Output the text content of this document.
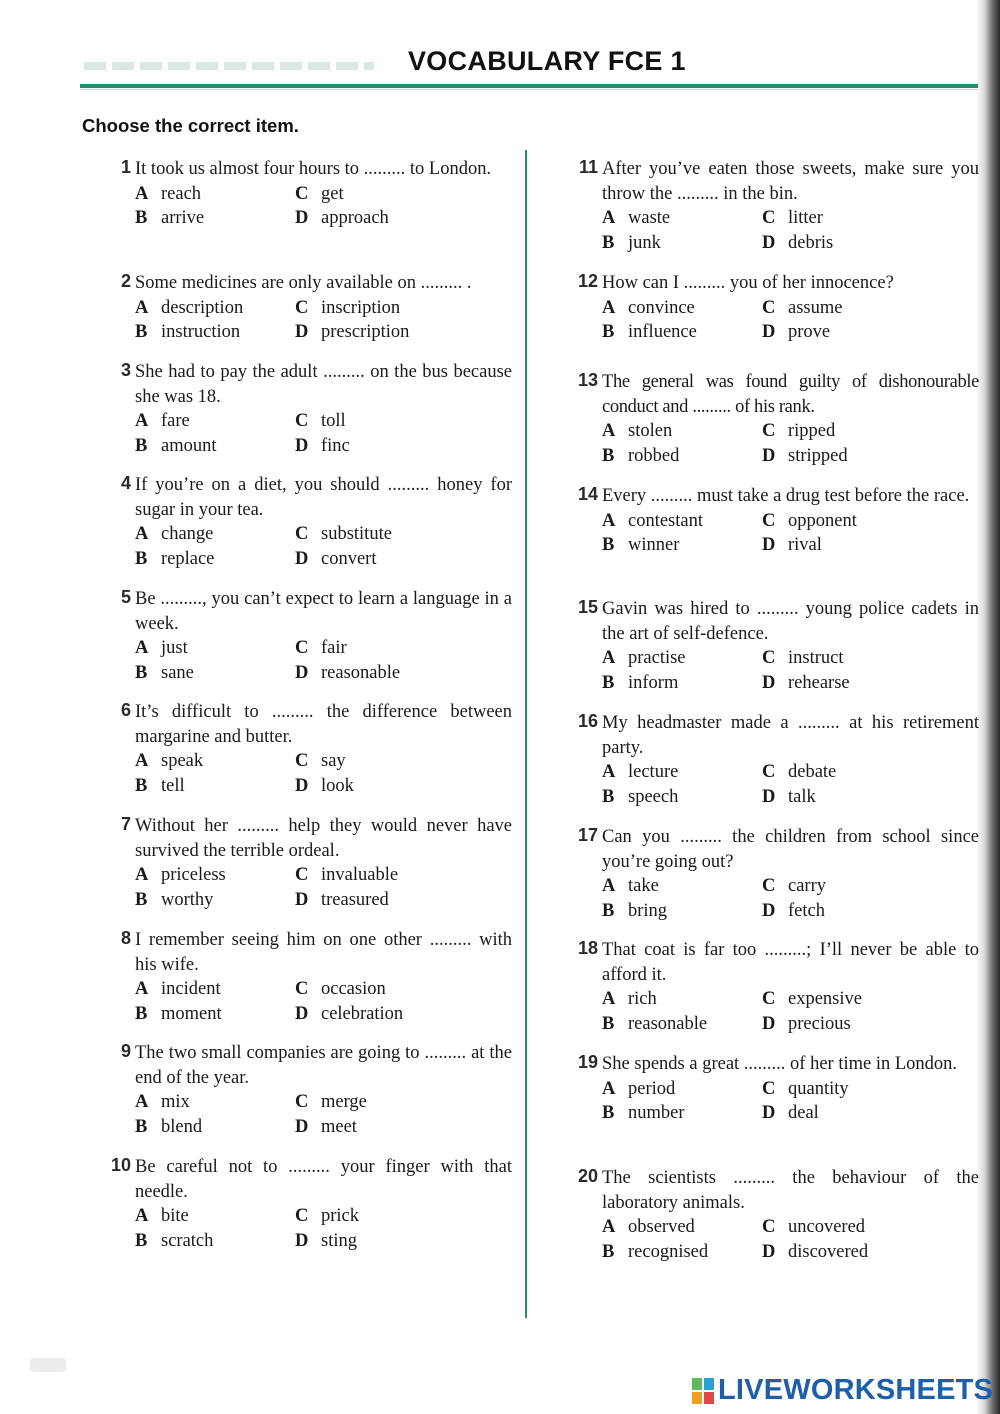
VOCABULARY FCE 1
Choose the correct item.
1 It took us almost four hours to ......... to London.
A reach	C get
B arrive	D approach
2 Some medicines are only available on ......... .
A description	C inscription
B instruction	D prescription
3 She had to pay the adult ......... on the bus because she was 18.
A fare	C toll
B amount	D finc
4 If you’re on a diet, you should ......... honey for sugar in your tea.
A change	C substitute
B replace	D convert
5 Be ........., you can’t expect to learn a language in a week.
A just	C fair
B sane	D reasonable
6 It’s difficult to ......... the difference between margarine and butter.
A speak	C say
B tell	D look
7 Without her ......... help they would never have survived the terrible ordeal.
A priceless	C invaluable
B worthy	D treasured
8 I remember seeing him on one other ......... with his wife.
A incident	C occasion
B moment	D celebration
9 The two small companies are going to ......... at the end of the year.
A mix	C merge
B blend	D meet
10 Be careful not to ......... your finger with that needle.
A bite	C prick
B scratch	D sting
11 After you’ve eaten those sweets, make sure you throw the ......... in the bin.
A waste	C litter
B junk	D debris
12 How can I ......... you of her innocence?
A convince	C assume
B influence	D prove
13 The general was found guilty of dishonourable conduct and ......... of his rank.
A stolen	C ripped
B robbed	D stripped
14 Every ......... must take a drug test before the race.
A contestant	C opponent
B winner	D rival
15 Gavin was hired to ......... young police cadets in the art of self-defence.
A practise	C instruct
B inform	D rehearse
16 My headmaster made a ......... at his retirement party.
A lecture	C debate
B speech	D talk
17 Can you ......... the children from school since you’re going out?
A take	C carry
B bring	D fetch
18 That coat is far too .........; I’ll never be able to afford it.
A rich	C expensive
B reasonable	D precious
19 She spends a great ......... of her time in London.
A period	C quantity
B number	D deal
20 The scientists ......... the behaviour of the laboratory animals.
A observed	C uncovered
B recognised	D discovered
LIVEWORKSHEETS
